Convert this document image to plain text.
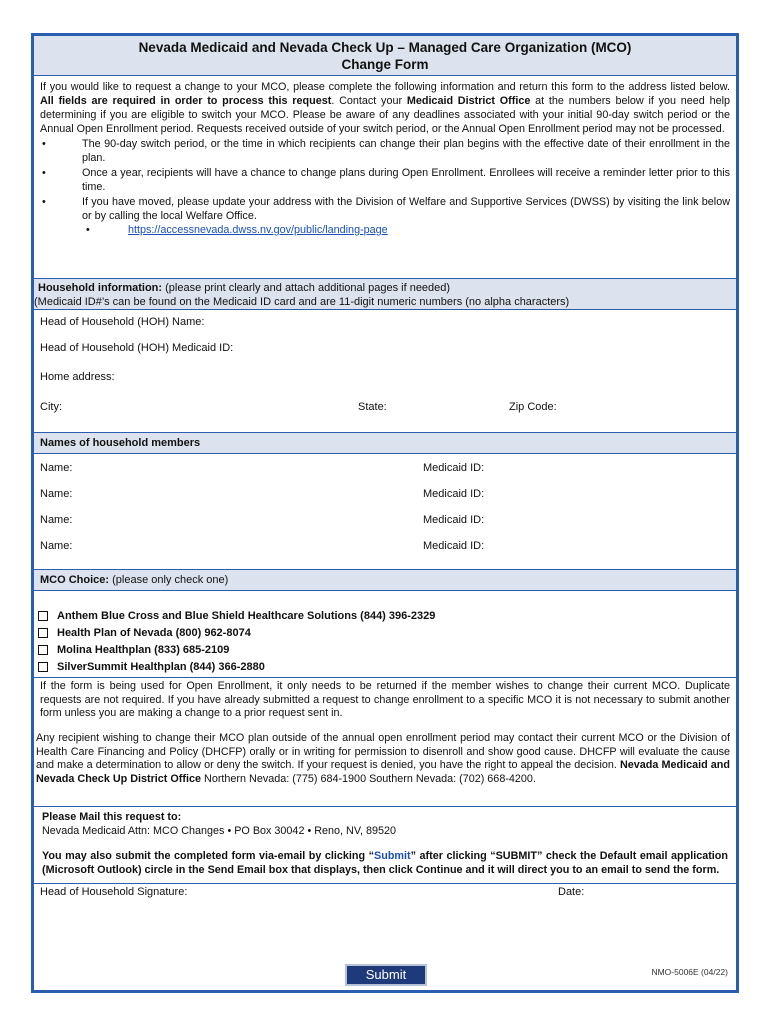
Nevada Medicaid and Nevada Check Up – Managed Care Organization (MCO)
Change Form
If you would like to request a change to your MCO, please complete the following information and return this form to the address listed below. All fields are required in order to process this request. Contact your Medicaid District Office at the numbers below if you need help determining if you are eligible to switch your MCO. Please be aware of any deadlines associated with your initial 90-day switch period or the Annual Open Enrollment period. Requests received outside of your switch period, or the Annual Open Enrollment period may not be processed.
•	The 90-day switch period, or the time in which recipients can change their plan begins with the effective date of their enrollment in the plan.
•	Once a year, recipients will have a chance to change plans during Open Enrollment. Enrollees will receive a reminder letter prior to this time.
•	If you have moved, please update your address with the Division of Welfare and Supportive Services (DWSS) by visiting the link below or by calling the local Welfare Office.
•	https://accessnevada.dwss.nv.gov/public/landing-page
Household information: (please print clearly and attach additional pages if needed)
(Medicaid ID#’s can be found on the Medicaid ID card and are 11-digit numeric numbers (no alpha characters)
Head of Household (HOH) Name:
Head of Household (HOH) Medicaid ID:
Home address:
City:	State:	Zip Code:
Names of household members
Name:	Medicaid ID:
Name:	Medicaid ID:
Name:	Medicaid ID:
Name:	Medicaid ID:
MCO Choice: (please only check one)
Anthem Blue Cross and Blue Shield Healthcare Solutions (844) 396-2329
Health Plan of Nevada (800) 962-8074
Molina Healthplan (833) 685-2109
SilverSummit Healthplan (844) 366-2880
If the form is being used for Open Enrollment, it only needs to be returned if the member wishes to change their current MCO. Duplicate requests are not required. If you have already submitted a request to change enrollment to a specific MCO it is not necessary to submit another form unless you are making a change to a prior request sent in.
Any recipient wishing to change their MCO plan outside of the annual open enrollment period may contact their current MCO or the Division of Health Care Financing and Policy (DHCFP) orally or in writing for permission to disenroll and show good cause. DHCFP will evaluate the cause and make a determination to allow or deny the switch. If your request is denied, you have the right to appeal the decision. Nevada Medicaid and Nevada Check Up District Office Northern Nevada: (775) 684-1900 Southern Nevada: (702) 668-4200.
Please Mail this request to:
Nevada Medicaid Attn: MCO Changes • PO Box 30042 • Reno, NV, 89520
You may also submit the completed form via-email by clicking “Submit” after clicking “SUBMIT” check the Default email application (Microsoft Outlook) circle in the Send Email box that displays, then click Continue and it will direct you to an email to send the form.
Head of Household Signature:	Date:
Submit	NMO-5006E (04/22)
